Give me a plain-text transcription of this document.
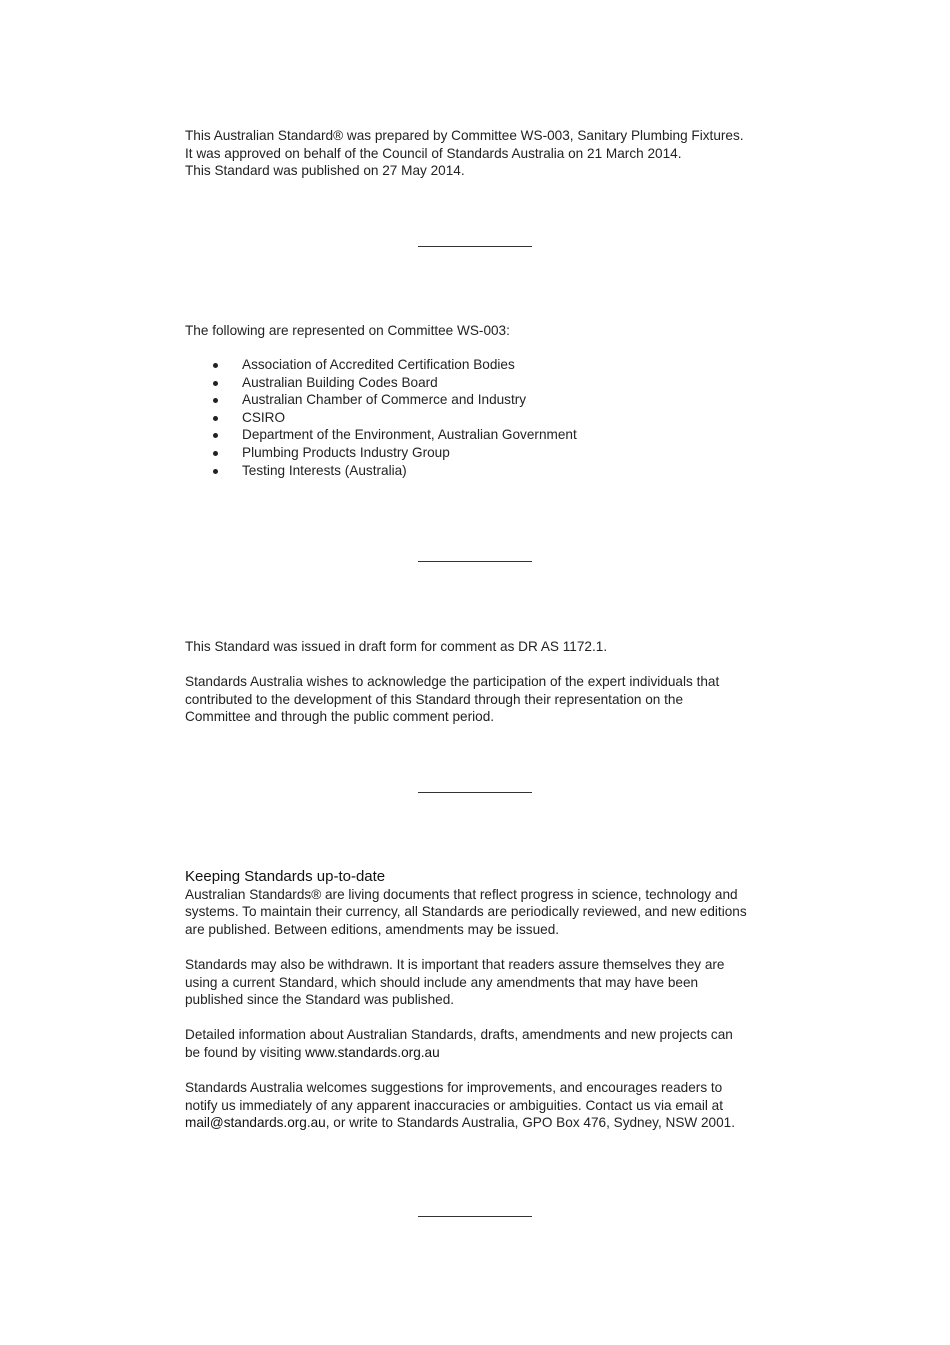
This Australian Standard® was prepared by Committee WS-003, Sanitary Plumbing Fixtures.
It was approved on behalf of the Council of Standards Australia on 21 March 2014.
This Standard was published on 27 May 2014.
The following are represented on Committee WS-003:
Association of Accredited Certification Bodies
Australian Building Codes Board
Australian Chamber of Commerce and Industry
CSIRO
Department of the Environment, Australian Government
Plumbing Products Industry Group
Testing Interests (Australia)
This Standard was issued in draft form for comment as DR AS 1172.1.
Standards Australia wishes to acknowledge the participation of the expert individuals that
contributed to the development of this Standard through their representation on the
Committee and through the public comment period.
Keeping Standards up-to-date
Australian Standards® are living documents that reflect progress in science, technology and
systems. To maintain their currency, all Standards are periodically reviewed, and new editions
are published. Between editions, amendments may be issued.
Standards may also be withdrawn. It is important that readers assure themselves they are
using a current Standard, which should include any amendments that may have been
published since the Standard was published.
Detailed information about Australian Standards, drafts, amendments and new projects can
be found by visiting www.standards.org.au
Standards Australia welcomes suggestions for improvements, and encourages readers to
notify us immediately of any apparent inaccuracies or ambiguities. Contact us via email at
mail@standards.org.au, or write to Standards Australia, GPO Box 476, Sydney, NSW 2001.
